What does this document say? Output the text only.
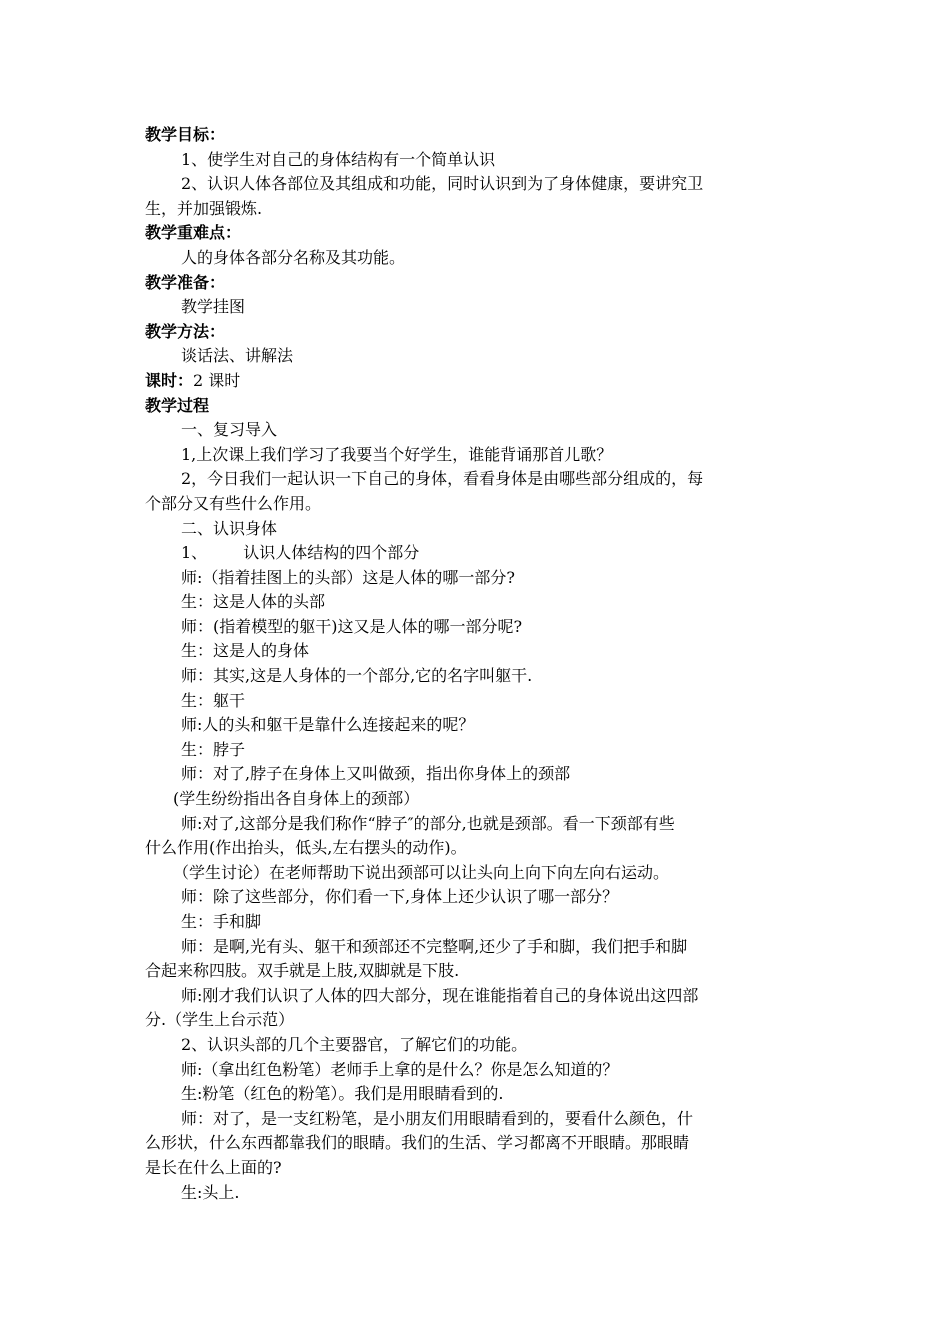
教学目标：

1、使学生对自己的身体结构有一个简单认识

2、认识人体各部位及其组成和功能，同时认识到为了身体健康，要讲究卫

生，并加强锻炼.

教学重难点：

人的身体各部分名称及其功能。

教学准备：

教学挂图

教学方法：

谈话法、讲解法

课时：2 课时

教学过程

一、复习导入

1,上次课上我们学习了我要当个好学生，谁能背诵那首儿歌？

2，今日我们一起认识一下自己的身体，看看身体是由哪些部分组成的，每

个部分又有些什么作用。

二、认识身体

1、 认识人体结构的四个部分

师:（指着挂图上的头部）这是人体的哪一部分?

生：这是人体的头部

师：(指着模型的躯干)这又是人体的哪一部分呢?

生：这是人的身体

师：其实,这是人身体的一个部分,它的名字叫躯干.

生：躯干

师:人的头和躯干是靠什么连接起来的呢？

生：脖子

师：对了,脖子在身体上又叫做颈，指出你身体上的颈部

(学生纷纷指出各自身体上的颈部）

师:对了,这部分是我们称作“脖子″的部分,也就是颈部。看一下颈部有些

什么作用(作出抬头，低头,左右摆头的动作)。

（学生讨论）在老师帮助下说出颈部可以让头向上向下向左向右运动。

师：除了这些部分，你们看一下,身体上还少认识了哪一部分？

生：手和脚

师：是啊,光有头、躯干和颈部还不完整啊,还少了手和脚，我们把手和脚

合起来称四肢。双手就是上肢,双脚就是下肢.

师:刚才我们认识了人体的四大部分，现在谁能指着自己的身体说出这四部

分.（学生上台示范）

2、认识头部的几个主要器官，了解它们的功能。

师:（拿出红色粉笔）老师手上拿的是什么？你是怎么知道的？

生:粉笔（红色的粉笔）。我们是用眼睛看到的.

师：对了，是一支红粉笔，是小朋友们用眼睛看到的，要看什么颜色，什

么形状，什么东西都靠我们的眼睛。我们的生活、学习都离不开眼睛。那眼睛

是长在什么上面的?

生:头上.
